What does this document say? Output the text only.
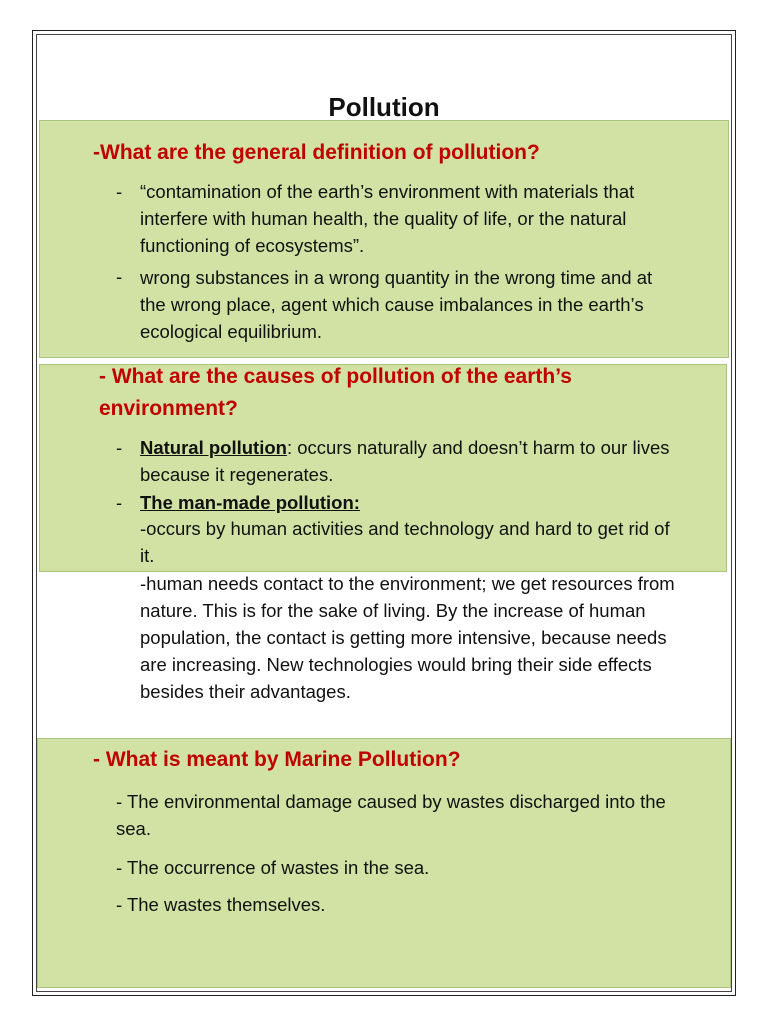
Pollution
-What are the general definition of pollution?
- “contamination of the earth’s environment with materials that interfere with human health, the quality of life, or the natural functioning of ecosystems”.
- wrong substances in a wrong quantity in the wrong time and at the wrong place, agent which cause imbalances in the earth’s ecological equilibrium.
- What are the causes of pollution of the earth’s environment?
- Natural pollution: occurs naturally and doesn’t harm to our lives because it regenerates.
- The man-made pollution:
-occurs by human activities and technology and hard to get rid of it.
-human needs contact to the environment; we get resources from nature. This is for the sake of living. By the increase of human population, the contact is getting more intensive, because needs are increasing. New technologies would bring their side effects besides their advantages.
- What is meant by Marine Pollution?
- The environmental damage caused by wastes discharged into the sea.
- The occurrence of wastes in the sea.
- The wastes themselves.
